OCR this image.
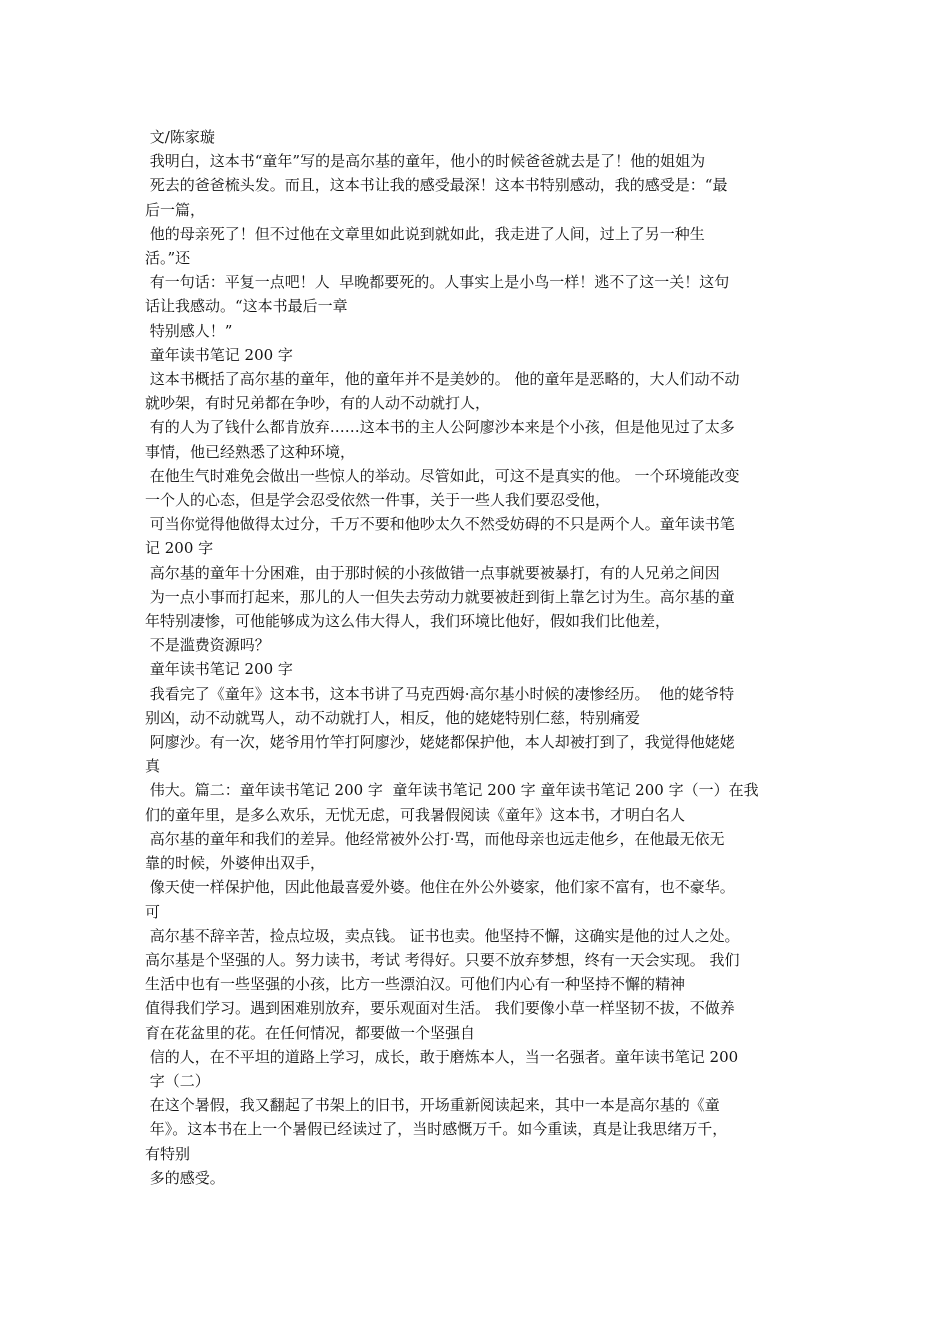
文/陈家璇
我明白，这本书“童年”写的是高尔基的童年，他小的时候爸爸就去是了！他的姐姐为
死去的爸爸梳头发。而且，这本书让我的感受最深！这本书特别感动，我的感受是：“最
后一篇，
他的母亲死了！但不过他在文章里如此说到就如此，我走进了人间，过上了另一种生
活。”还
有一句话：平复一点吧！人  早晚都要死的。人事实上是小鸟一样！逃不了这一关！这句
话让我感动。“这本书最后一章
特别感人！”
童年读书笔记 200 字
这本书概括了高尔基的童年，他的童年并不是美妙的。 他的童年是恶略的，大人们动不动
就吵架，有时兄弟都在争吵，有的人动不动就打人，
有的人为了钱什么都肯放弃……这本书的主人公阿廖沙本来是个小孩，但是他见过了太多
事情，他已经熟悉了这种环境，
在他生气时难免会做出一些惊人的举动。尽管如此，可这不是真实的他。 一个环境能改变
一个人的心态，但是学会忍受依然一件事，关于一些人我们要忍受他，
可当你觉得他做得太过分，千万不要和他吵太久不然受妨碍的不只是两个人。童年读书笔
记 200 字
高尔基的童年十分困难，由于那时候的小孩做错一点事就要被暴打，有的人兄弟之间因
为一点小事而打起来，那儿的人一但失去劳动力就要被赶到街上靠乞讨为生。高尔基的童
年特别凄惨，可他能够成为这么伟大得人，我们环境比他好，假如我们比他差，
不是滥费资源吗？
童年读书笔记 200 字
我看完了《童年》这本书，这本书讲了马克西姆·高尔基小时候的凄惨经历。  他的姥爷特
别凶，动不动就骂人，动不动就打人，相反，他的姥姥特别仁慈，特别痛爱
阿廖沙。有一次，姥爷用竹竿打阿廖沙，姥姥都保护他，本人却被打到了，我觉得他姥姥
真
伟大。篇二：童年读书笔记 200 字  童年读书笔记 200 字 童年读书笔记 200 字（一）在我
们的童年里，是多么欢乐，无忧无虑，可我暑假阅读《童年》这本书，才明白名人
高尔基的童年和我们的差异。他经常被外公打·骂，而他母亲也远走他乡，在他最无依无
靠的时候，外婆伸出双手，
像天使一样保护他，因此他最喜爱外婆。他住在外公外婆家，他们家不富有，也不豪华。
可
高尔基不辞辛苦，捡点垃圾，卖点钱。 证书也卖。他坚持不懈，这确实是他的过人之处。
高尔基是个坚强的人。努力读书，考试 考得好。只要不放弃梦想，终有一天会实现。 我们
生活中也有一些坚强的小孩，比方一些漂泊汉。可他们内心有一种坚持不懈的精神
值得我们学习。遇到困难别放弃，要乐观面对生活。 我们要像小草一样坚韧不拔，不做养
育在花盆里的花。在任何情况，都要做一个坚强自
信的人，在不平坦的道路上学习，成长，敢于磨炼本人，当一名强者。童年读书笔记 200
字（二）
在这个暑假，我又翻起了书架上的旧书，开场重新阅读起来，其中一本是高尔基的《童
年》。这本书在上一个暑假已经读过了，当时感慨万千。如今重读，真是让我思绪万千，
有特别
多的感受。
